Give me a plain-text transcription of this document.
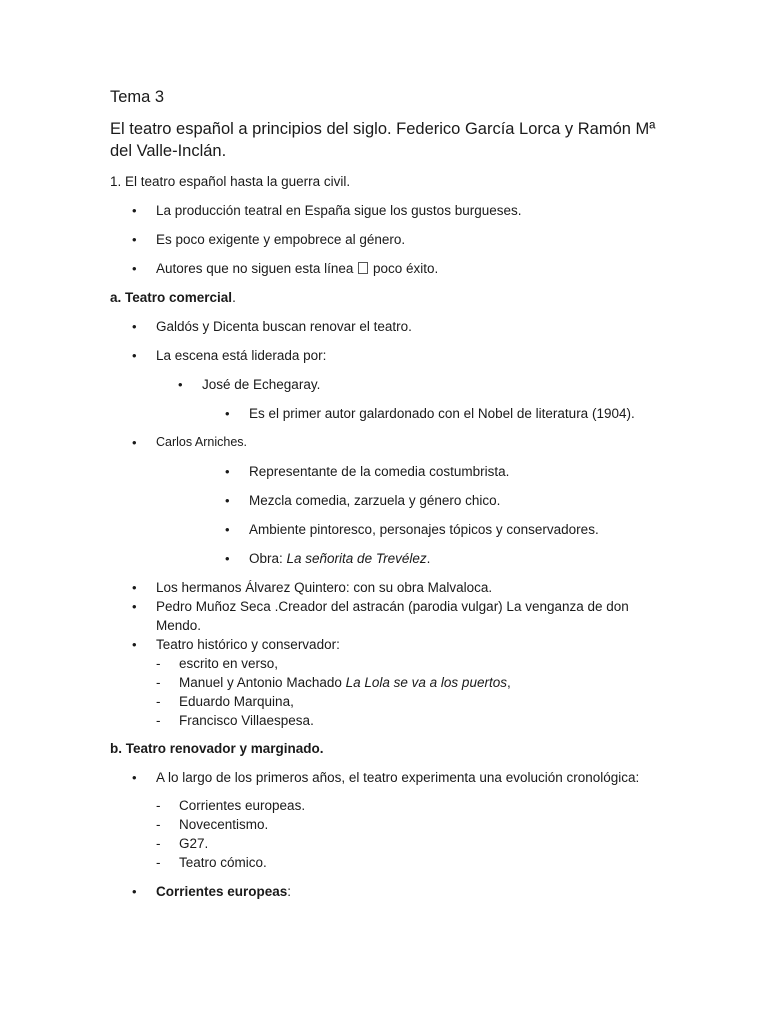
Tema 3
El teatro español a principios del siglo. Federico García Lorca y Ramón Mª del Valle-Inclán.

1. El teatro español hasta la guerra civil.

• La producción teatral en España sigue los gustos burgueses.

• Es poco exigente y empobrece al género.

• Autores que no siguen esta línea poco éxito.

a. Teatro comercial.

• Galdós y Dicenta buscan renovar el teatro.

• La escena está liderada por:

• José de Echegaray.

• Es el primer autor galardonado con el Nobel de literatura (1904).

• Carlos Arniches.

• Representante de la comedia costumbrista.

• Mezcla comedia, zarzuela y género chico.

• Ambiente pintoresco, personajes tópicos y conservadores.

• Obra: La señorita de Trevélez.

• Los hermanos Álvarez Quintero: con su obra Malvaloca.

• Pedro Muñoz Seca .Creador del astracán (parodia vulgar) La venganza de don Mendo.

• Teatro histórico y conservador:

- escrito en verso,

- Manuel y Antonio Machado La Lola se va a los puertos,

- Eduardo Marquina,

- Francisco Villaespesa.

b. Teatro renovador y marginado.

• A lo largo de los primeros años, el teatro experimenta una evolución cronológica:

- Corrientes europeas.

- Novecentismo.

- G27.

- Teatro cómico.

• Corrientes europeas:
